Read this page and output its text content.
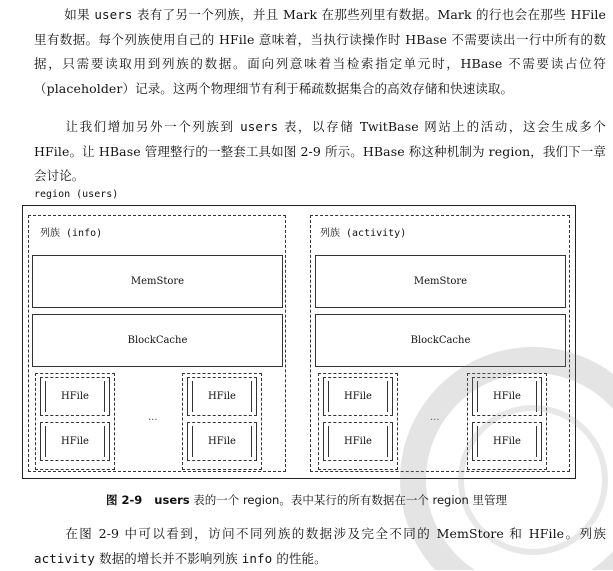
如果 users 表有了另一个列族，并且 Mark 在那些列里有数据。Mark 的行也会在那些 HFile 里有数据。每个列族使用自己的 HFile 意味着，当执行读操作时 HBase 不需要读出一行中所有的数据，只需要读取用到列族的数据。面向列意味着当检索指定单元时，HBase 不需要读占位符（placeholder）记录。这两个物理细节有利于稀疏数据集合的高效存储和快速读取。

让我们增加另外一个列族到 users 表，以存储 TwitBase 网站上的活动，这会生成多个 HFile。让 HBase 管理整行的一整套工具如图 2-9 所示。HBase 称这种机制为 region，我们下一章会讨论。

region (users)
列族 (info)
MemStore
BlockCache
HFile
HFile
...
HFile
HFile
列族 (activity)
MemStore
BlockCache
HFile
HFile
...
HFile
HFile
图 2-9 users 表的一个 region。表中某行的所有数据在一个 region 里管理

在图 2-9 中可以看到，访问不同列族的数据涉及完全不同的 MemStore 和 HFile。列族 activity 数据的增长并不影响列族 info 的性能。
